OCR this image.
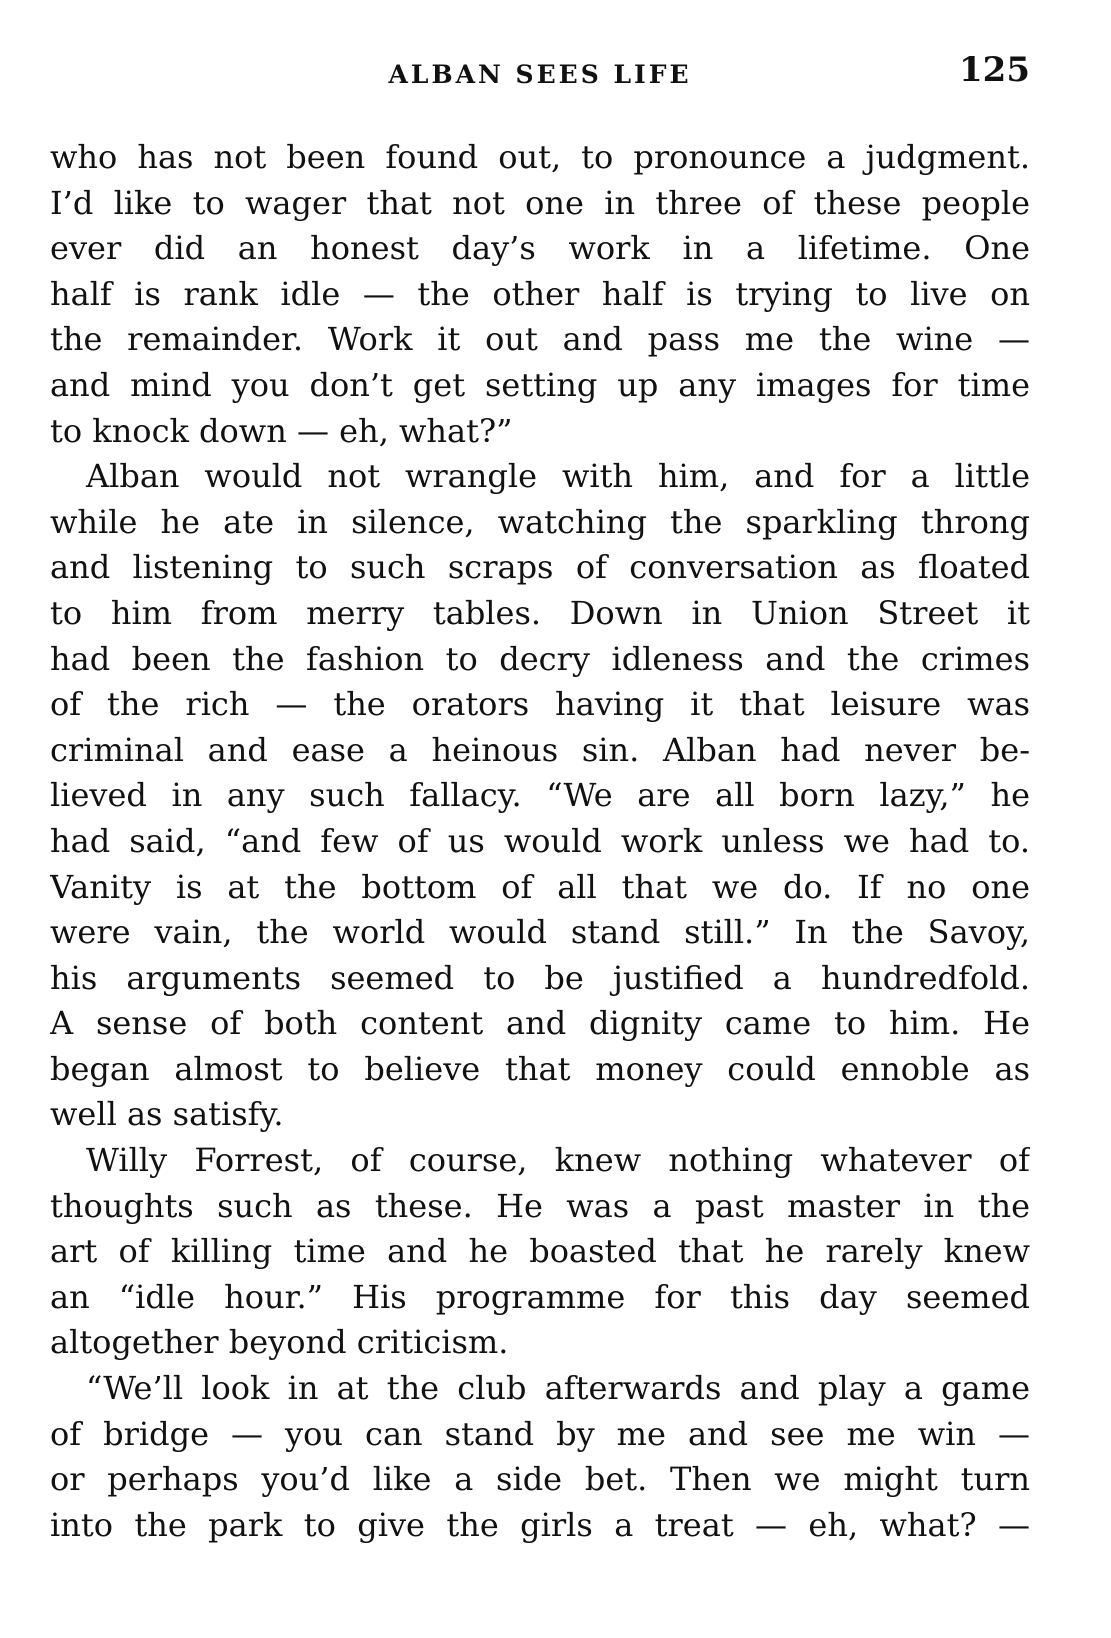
ALBAN SEES LIFE	125
who has not been found out, to pronounce a judgment.
I’d like to wager that not one in three of these people
ever did an honest day’s work in a lifetime. One
half is rank idle — the other half is trying to live on
the remainder. Work it out and pass me the wine —
and mind you don’t get setting up any images for time
to knock down — eh, what?”
Alban would not wrangle with him, and for a little
while he ate in silence, watching the sparkling throng
and listening to such scraps of conversation as floated
to him from merry tables. Down in Union Street it
had been the fashion to decry idleness and the crimes
of the rich — the orators having it that leisure was
criminal and ease a heinous sin. Alban had never be-
lieved in any such fallacy. “We are all born lazy,” he
had said, “and few of us would work unless we had to.
Vanity is at the bottom of all that we do. If no one
were vain, the world would stand still.” In the Savoy,
his arguments seemed to be justified a hundredfold.
A sense of both content and dignity came to him. He
began almost to believe that money could ennoble as
well as satisfy.
Willy Forrest, of course, knew nothing whatever of
thoughts such as these. He was a past master in the
art of killing time and he boasted that he rarely knew
an “idle hour.” His programme for this day seemed
altogether beyond criticism.
“We’ll look in at the club afterwards and play a game
of bridge — you can stand by me and see me win —
or perhaps you’d like a side bet. Then we might turn
into the park to give the girls a treat — eh, what? —
